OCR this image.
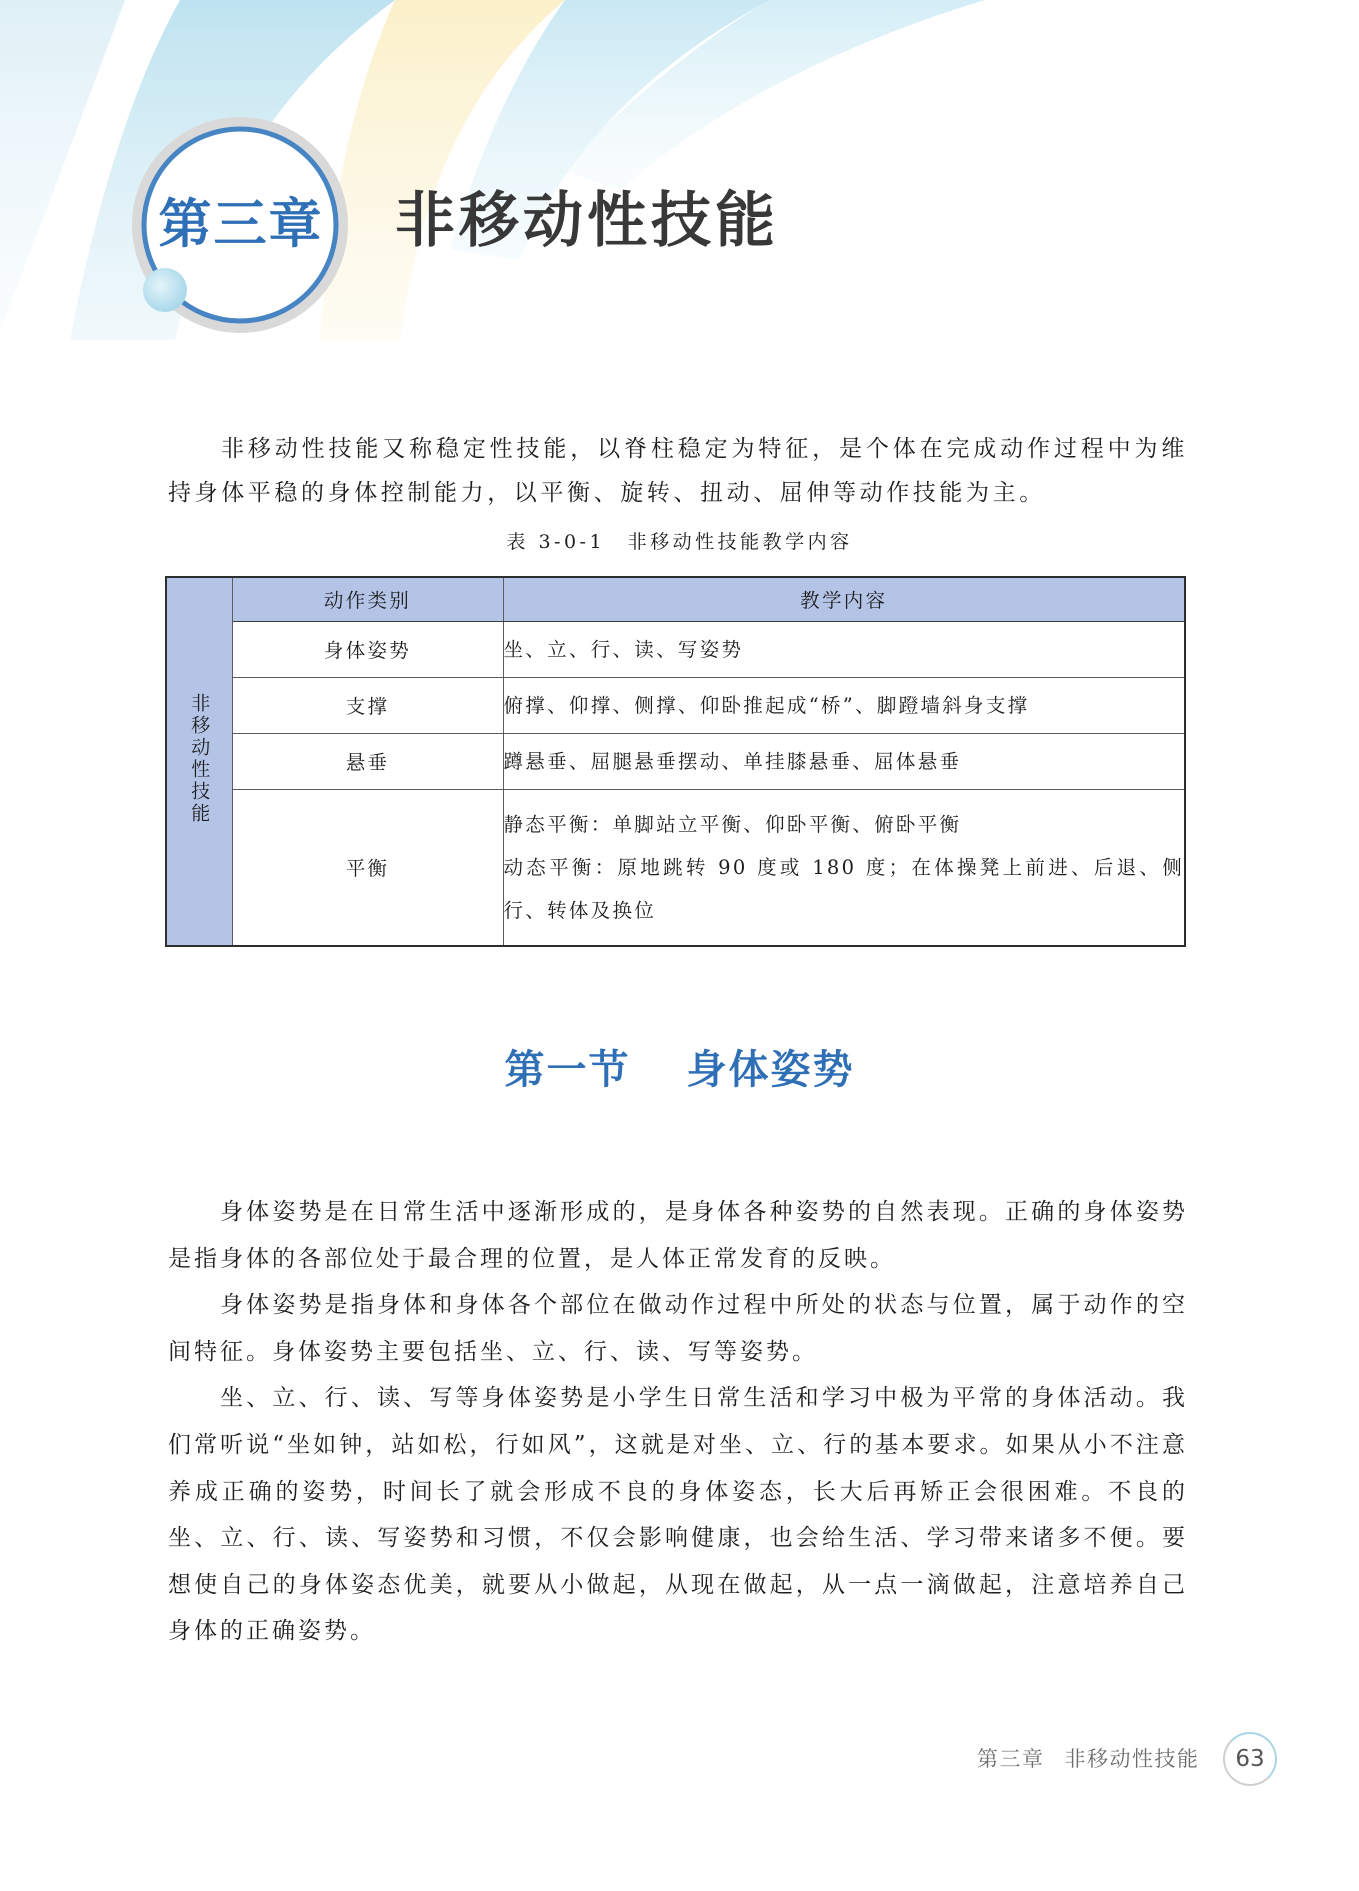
第三章	非移动性技能

非移动性技能又称稳定性技能，以脊柱稳定为特征，是个体在完成动作过程中为维持身体平稳的身体控制能力，以平衡、旋转、扭动、屈伸等动作技能为主。

表 3-0-1　非移动性技能教学内容
非移动性技能	动作类别	教学内容
	身体姿势	坐、立、行、读、写姿势

	支撑	俯撑、仰撑、侧撑、仰卧推起成“桥”、脚蹬墙斜身支撑

	悬垂	蹲悬垂、屈腿悬垂摆动、单挂膝悬垂、屈体悬垂

	平衡	静态平衡：单脚站立平衡、仰卧平衡、俯卧平衡
动态平衡：原地跳转 90 度或 180 度；在体操凳上前进、后退、侧行、转体及换位
第一节 身体姿势

身体姿势是在日常生活中逐渐形成的，是身体各种姿势的自然表现。正确的身体姿势是指身体的各部位处于最合理的位置，是人体正常发育的反映。

身体姿势是指身体和身体各个部位在做动作过程中所处的状态与位置，属于动作的空间特征。身体姿势主要包括坐、立、行、读、写等姿势。

坐、立、行、读、写等身体姿势是小学生日常生活和学习中极为平常的身体活动。我们常听说“坐如钟，站如松，行如风”，这就是对坐、立、行的基本要求。如果从小不注意养成正确的姿势，时间长了就会形成不良的身体姿态，长大后再矫正会很困难。不良的坐、立、行、读、写姿势和习惯，不仅会影响健康，也会给生活、学习带来诸多不便。要想使自己的身体姿态优美，就要从小做起，从现在做起，从一点一滴做起，注意培养自己身体的正确姿势。

第三章 非移动性技能 63
